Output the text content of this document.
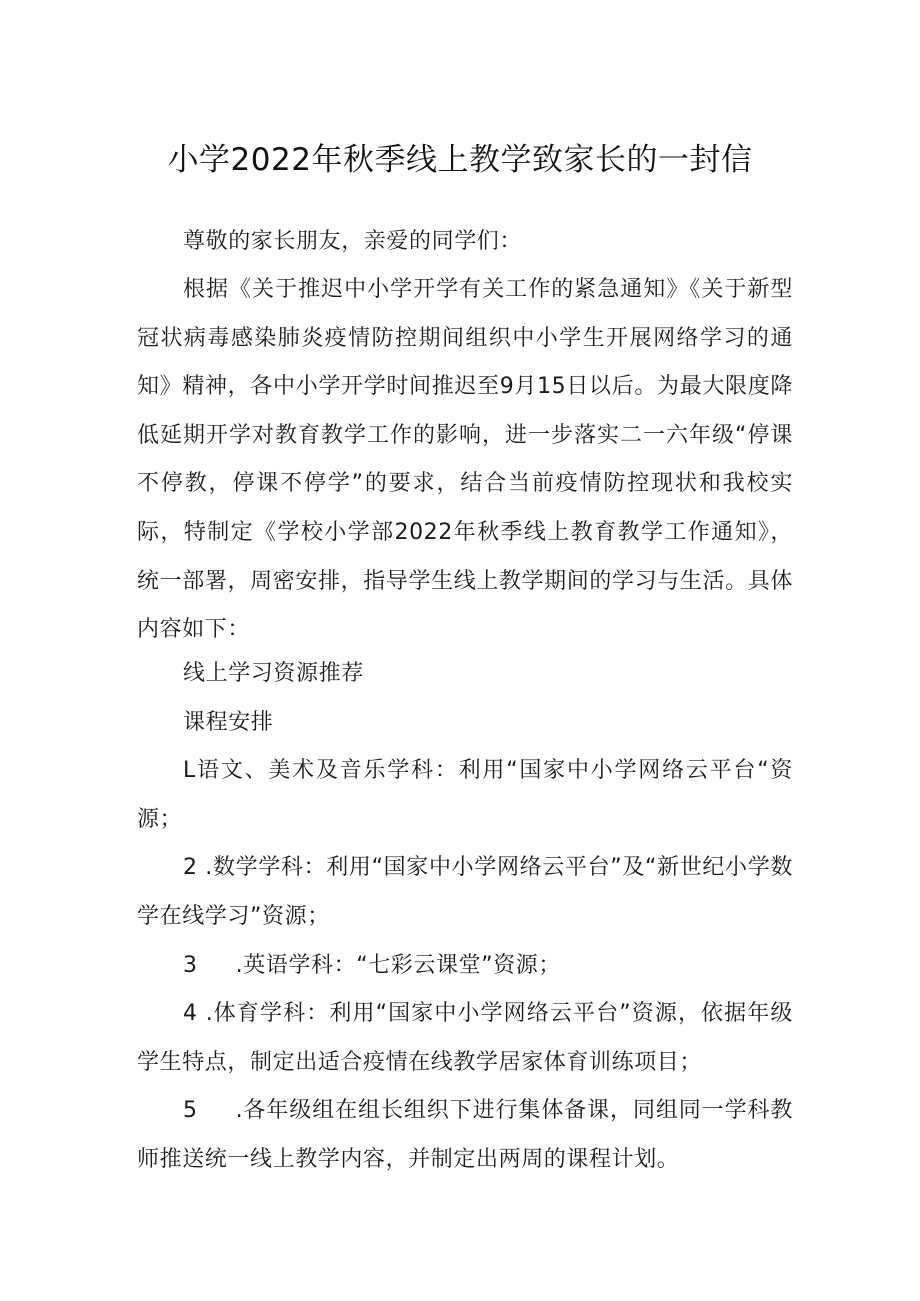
小学2022年秋季线上教学致家长的一封信

尊敬的家长朋友，亲爱的同学们：

根据《关于推迟中小学开学有关工作的紧急通知》《关于新型冠状病毒感染肺炎疫情防控期间组织中小学生开展网络学习的通知》精神，各中小学开学时间推迟至9月15日以后。为最大限度降低延期开学对教育教学工作的影响，进一步落实二一六年级“停课不停教，停课不停学”的要求，结合当前疫情防控现状和我校实际，特制定《学校小学部2022年秋季线上教育教学工作通知》，统一部署，周密安排，指导学生线上教学期间的学习与生活。具体内容如下：

线上学习资源推荐

课程安排

L语文、美术及音乐学科：利用“国家中小学网络云平台“资源；

2 .数学学科：利用“国家中小学网络云平台”及“新世纪小学数学在线学习”资源；

3 .英语学科：“七彩云课堂”资源；

4 .体育学科：利用“国家中小学网络云平台”资源，依据年级学生特点，制定出适合疫情在线教学居家体育训练项目；

5 .各年级组在组长组织下进行集体备课，同组同一学科教师推送统一线上教学内容，并制定出两周的课程计划。
